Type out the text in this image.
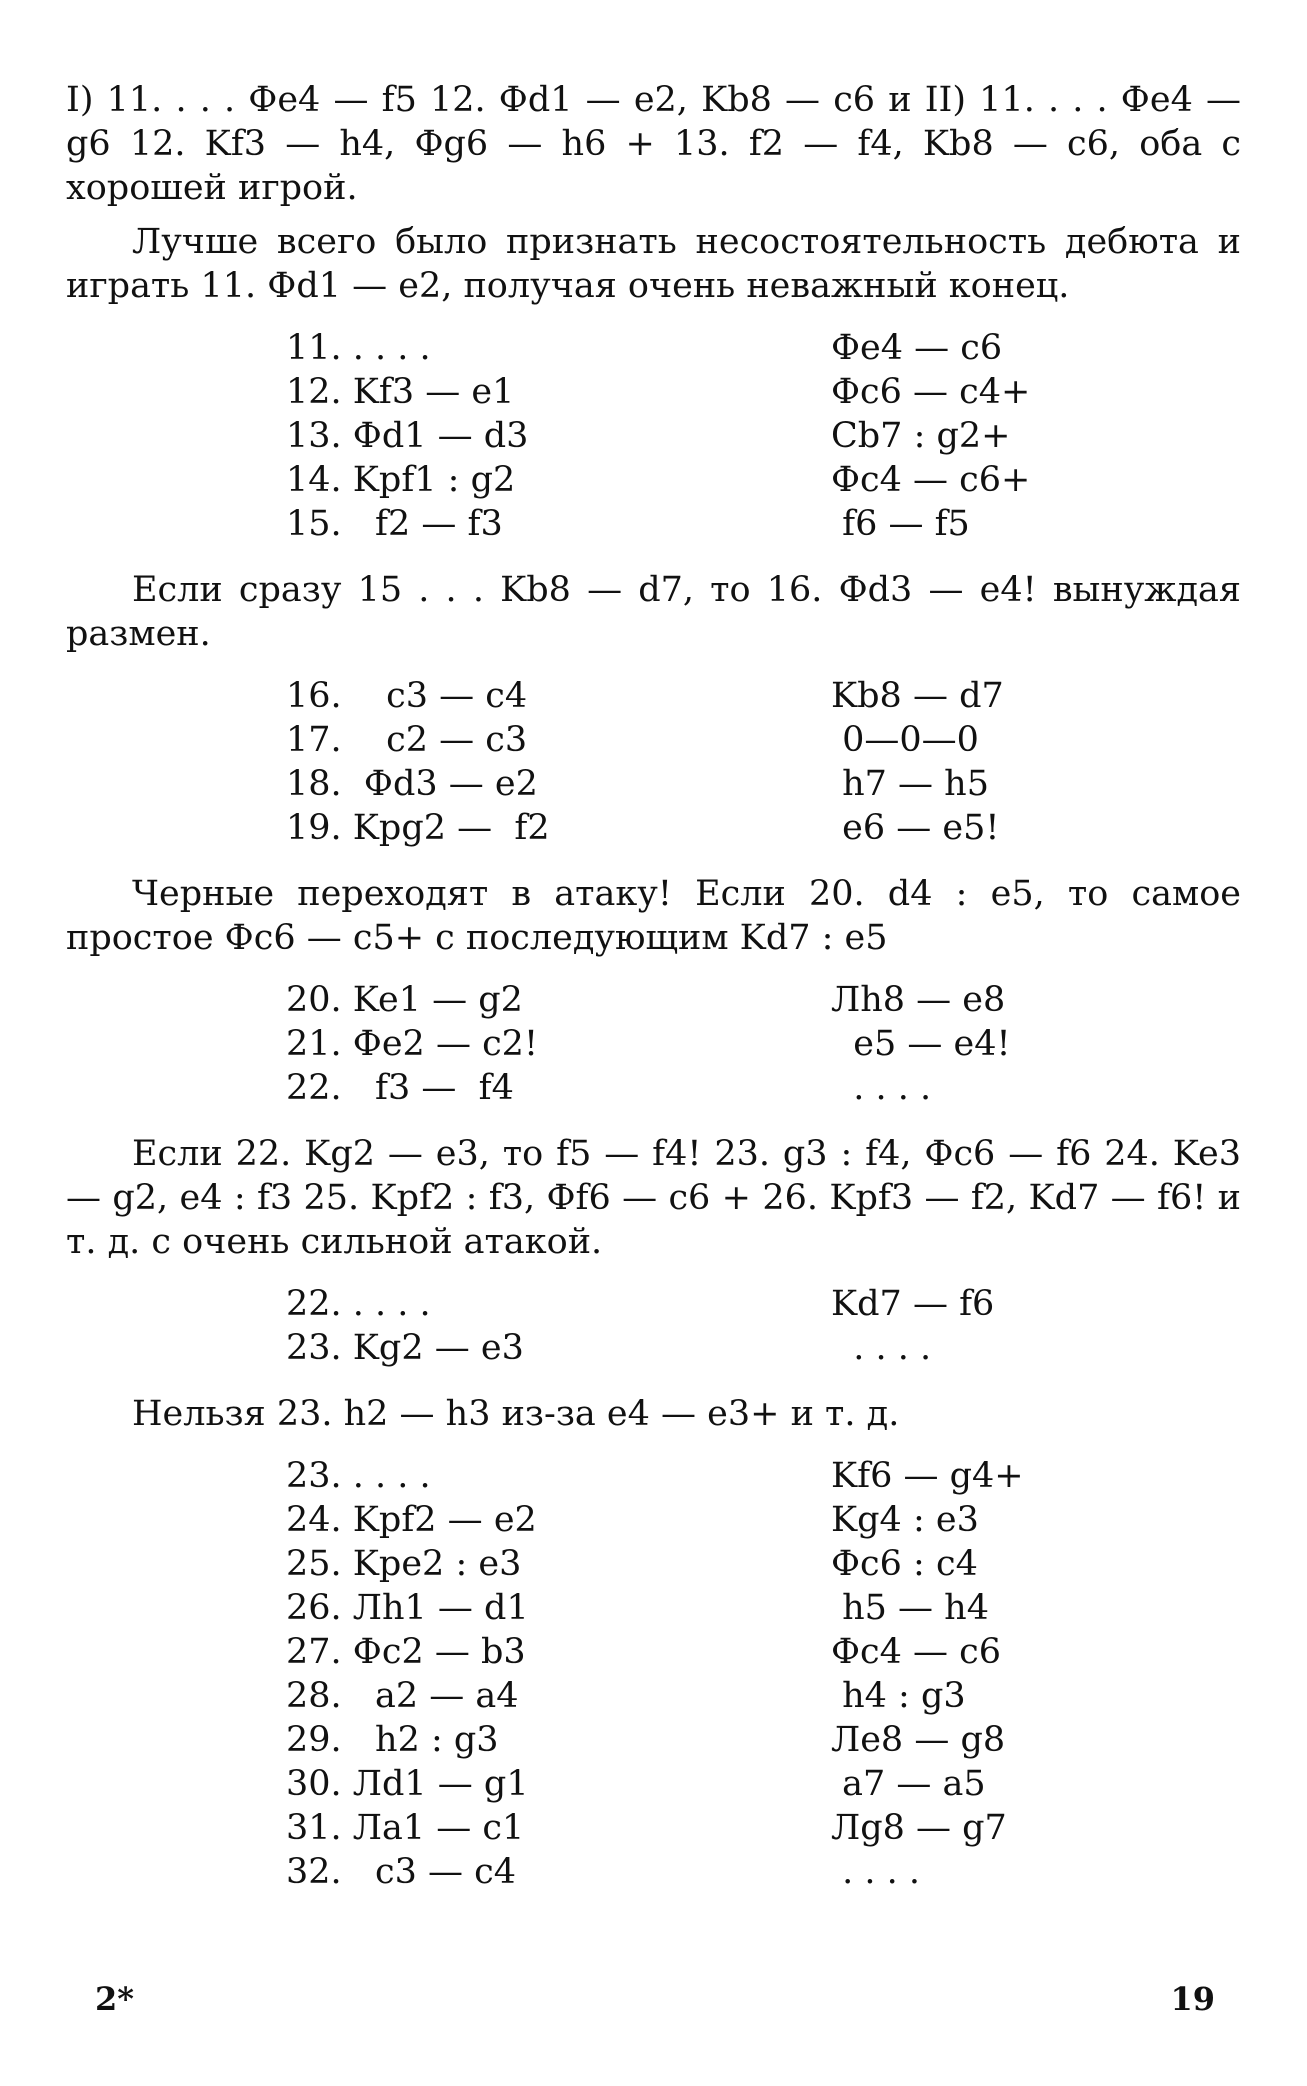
I) 11. . . . Фе4 — f5 12. Фd1 — e2, Kb8 — c6 и II) 11. . . . Фе4 — g6 12. Kf3 — h4, Фg6 — h6 + 13. f2 — f4, Kb8 — c6, оба с хорошей игрой.

Лучше всего было признать несостоятельность дебюта и играть 11. Фd1 — e2, получая очень неважный конец.

11. . . . .	Фе4 — с6
12. Kf3 — e1	Фс6 — с4+
13. Фd1 — d3	Cb7 : g2+
14. Kpf1 : g2	Фс4 — с6+
15.   f2 — f3	f6 — f5

Если сразу 15 . . . Kb8 — d7, то 16. Фd3 — e4! вынуждая размен.

16.    c3 — c4	Kb8 — d7
17.    c2 — c3	0—0—0
18.  Фd3 — e2	h7 — h5
19. Kpg2 —  f2	e6 — e5!

Черные переходят в атаку! Если 20. d4 : e5, то самое простое Фс6 — с5+ с последующим Kd7 : e5

20. Ke1 — g2	Лh8 — e8
21. Фе2 — с2!	e5 — e4!
22.   f3 —  f4	. . . .

Если 22. Kg2 — e3, то f5 — f4! 23. g3 : f4, Фс6 — f6 24. Ke3 — g2, e4 : f3 25. Kpf2 : f3, Фf6 — c6 + 26. Kpf3 — f2, Kd7 — f6! и т. д. с очень сильной атакой.

22. . . . .	Kd7 — f6
23. Kg2 — e3	. . . .

Нельзя 23. h2 — h3 из-за e4 — e3+ и т. д.

23. . . . .	Kf6 — g4+
24. Kpf2 — e2	Kg4 : e3
25. Kpe2 : e3	Фс6 : с4
26. Лh1 — d1	h5 — h4
27. Фс2 — b3	Фс4 — с6
28.   a2 — a4	h4 : g3
29.   h2 : g3	Лe8 — g8
30. Лd1 — g1	a7 — a5
31. Лa1 — c1	Лg8 — g7
32.   c3 — c4	. . . .
2*	19
